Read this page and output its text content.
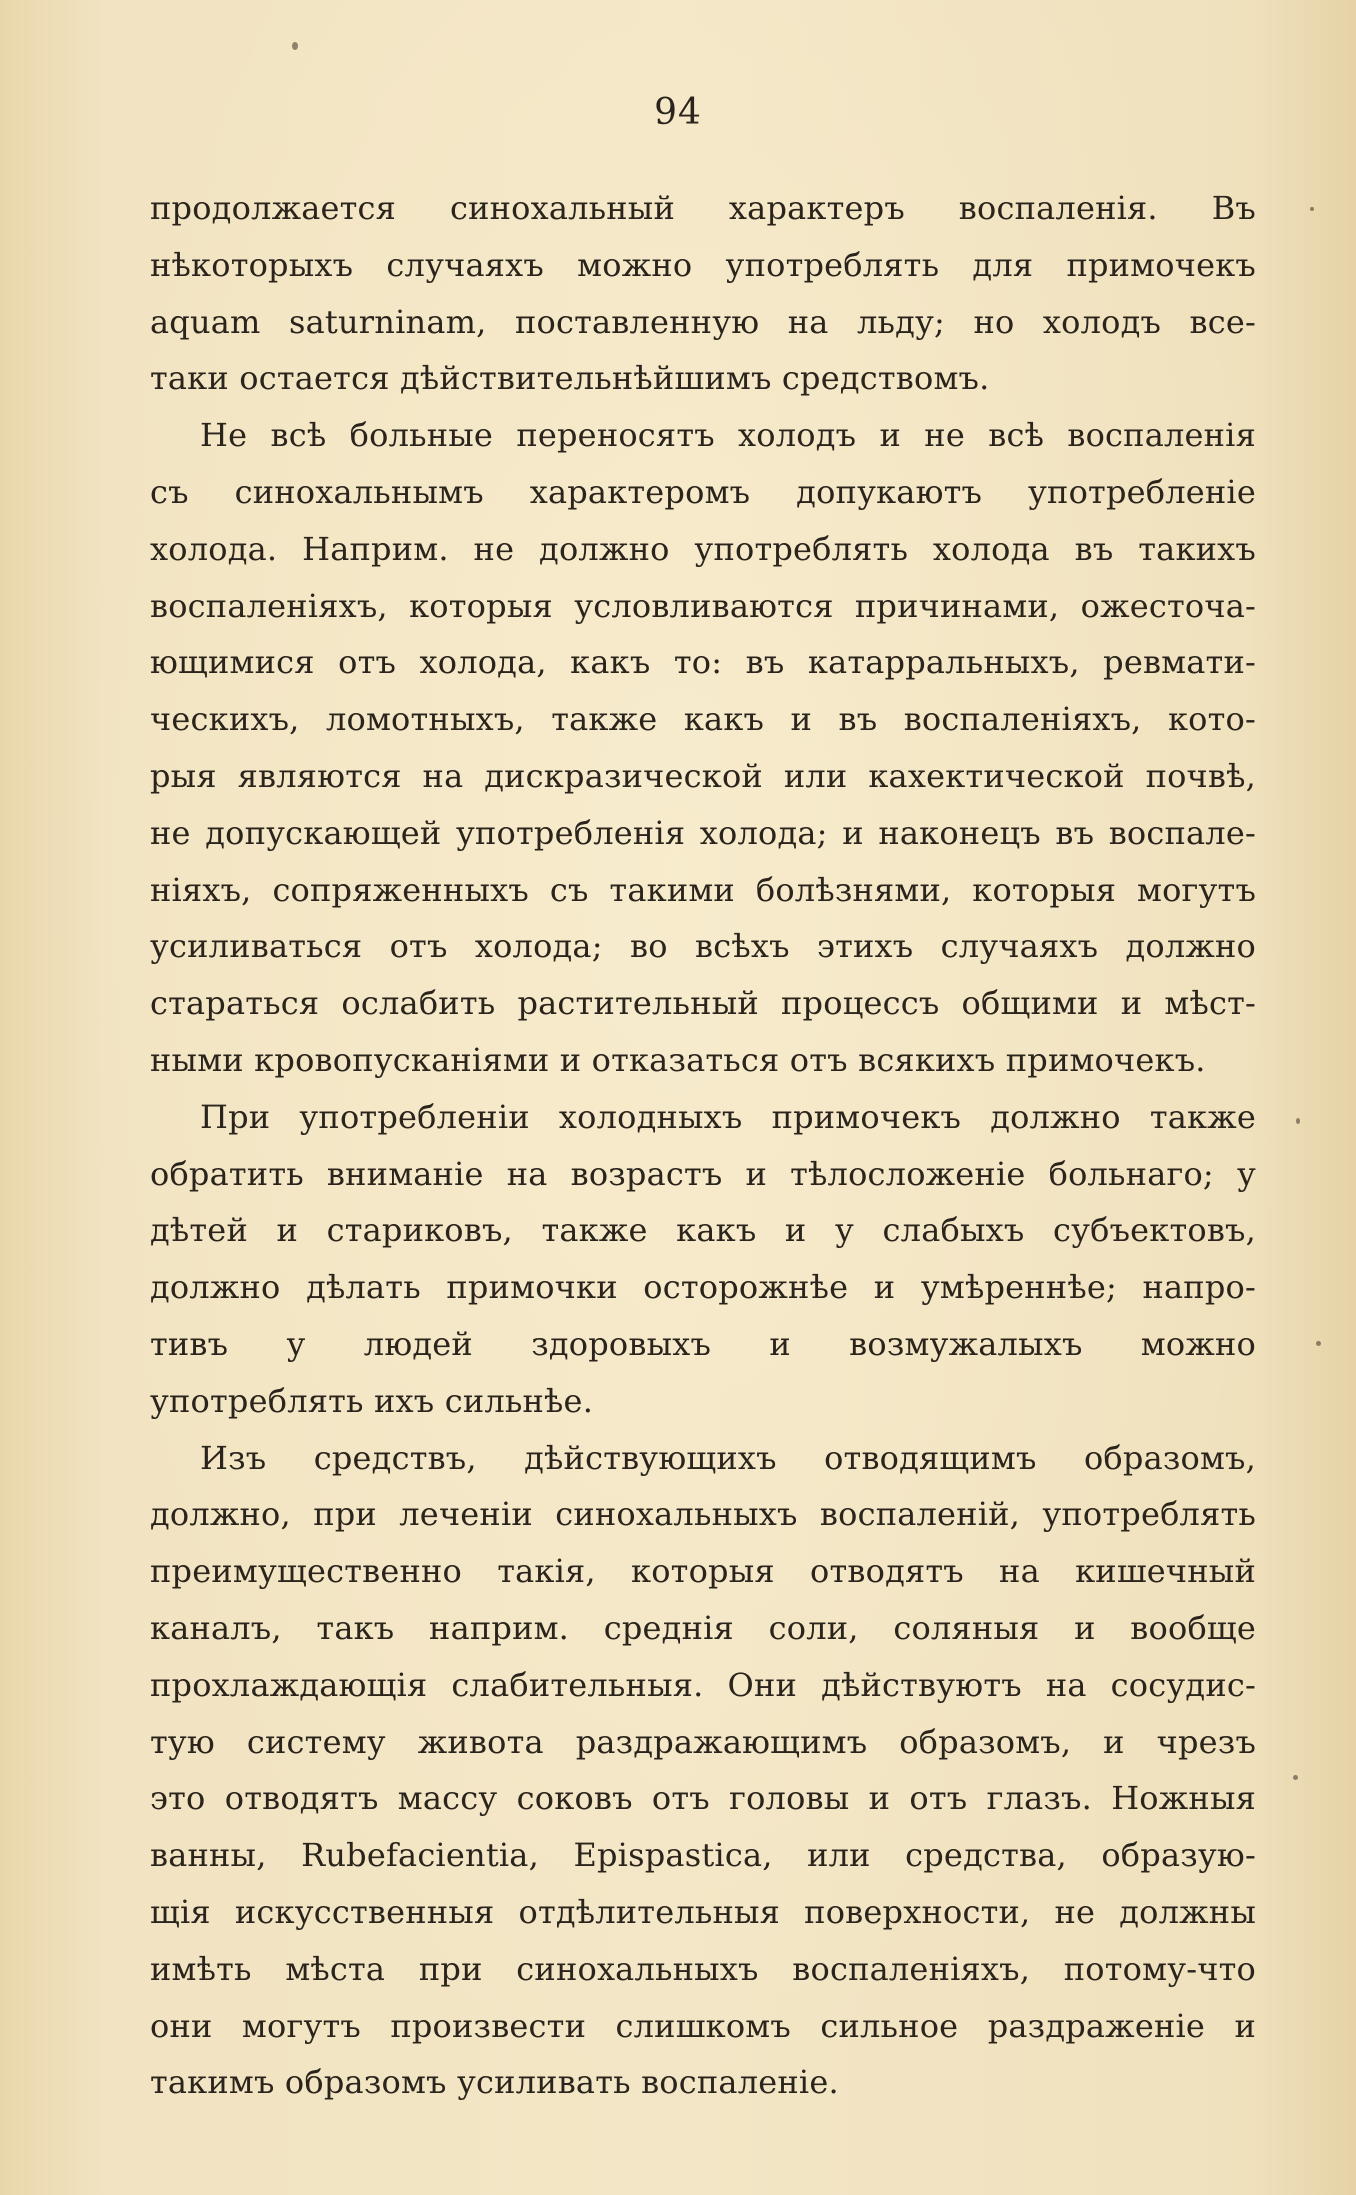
94
продолжается синохальный характеръ воспаленія. Въ
нѣкоторыхъ случаяхъ можно употреблять для примочекъ
aquam saturninam, поставленную на льду; но холодъ все-
таки остается дѣйствительнѣйшимъ средствомъ.
Не всѣ больные переносятъ холодъ и не всѣ воспаленія
съ синохальнымъ характеромъ допукаютъ употребленіе
холода. Наприм. не должно употреблять холода въ такихъ
воспаленіяхъ, которыя условливаются причинами, ожесточа-
ющимися отъ холода, какъ то: въ катарральныхъ, ревмати-
ческихъ, ломотныхъ, также какъ и въ воспаленіяхъ, кото-
рыя являются на дискразической или кахектической почвѣ,
не допускающей употребленія холода; и наконецъ въ воспале-
ніяхъ, сопряженныхъ съ такими болѣзнями, которыя могутъ
усиливаться отъ холода; во всѣхъ этихъ случаяхъ должно
стараться ослабить растительный процессъ общими и мѣст-
ными кровопусканіями и отказаться отъ всякихъ примочекъ.
При употребленіи холодныхъ примочекъ должно также
обратить вниманіе на возрастъ и тѣлосложеніе больнаго; у
дѣтей и стариковъ, также какъ и у слабыхъ субъектовъ,
должно дѣлать примочки осторожнѣе и умѣреннѣе; напро-
тивъ у людей здоровыхъ и возмужалыхъ можно
употреблять ихъ сильнѣе.
Изъ средствъ, дѣйствующихъ отводящимъ образомъ,
должно, при леченіи синохальныхъ воспаленій, употреблять
преимущественно такія, которыя отводятъ на кишечный
каналъ, такъ наприм. среднія соли, соляныя и вообще
прохлаждающія слабительныя. Они дѣйствуютъ на сосудис-
тую систему живота раздражающимъ образомъ, и чрезъ
это отводятъ массу соковъ отъ головы и отъ глазъ. Ножныя
ванны, Rubefacientia, Epispastica, или средства, образую-
щія искусственныя отдѣлительныя поверхности, не должны
имѣть мѣста при синохальныхъ воспаленіяхъ, потому-что
они могутъ произвести слишкомъ сильное раздраженіе и
такимъ образомъ усиливать воспаленіе.
